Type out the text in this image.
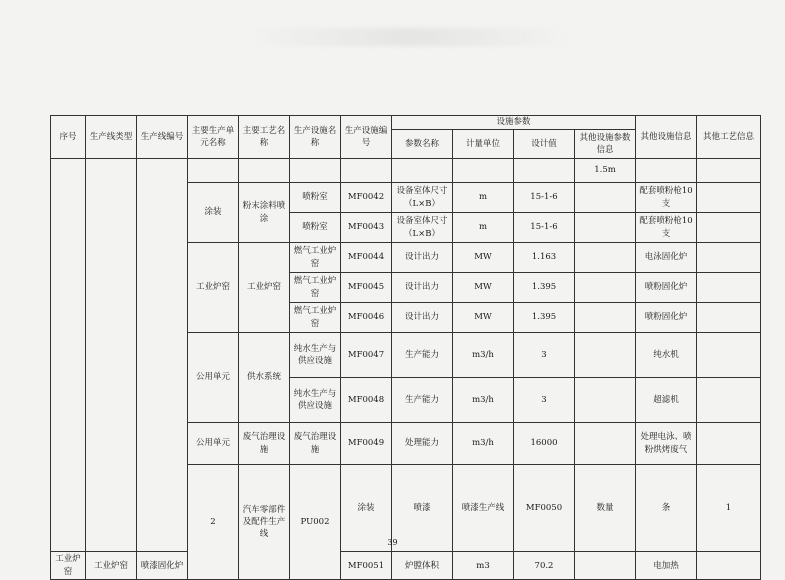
序号	生产线类型	生产线编号	主要生产单元名称	主要工艺名称	生产设施名称	生产设施编号	设施参数				其他设施信息	其他工艺信息	
							参数名称	计量单位	设计值	其他设施参数信息			
										1.5m			
			涂装	粉末涂料喷涂	喷粉室	MF0042	设备室体尺寸（L×B）	m	15-1-6		配套喷粉枪10支		
					喷粉室	MF0043	设备室体尺寸（L×B）	m	15-1-6		配套喷粉枪10支		
			工业炉窑	工业炉窑	燃气工业炉窑	MF0044	设计出力	MW	1.163		电泳固化炉		
					燃气工业炉窑	MF0045	设计出力	MW	1.395		喷粉固化炉		
					燃气工业炉窑	MF0046	设计出力	MW	1.395		喷粉固化炉		
			公用单元	供水系统	纯水生产与供应设施	MF0047	生产能力	m3/h	3		纯水机		
					纯水生产与供应设施	MF0048	生产能力	m3/h	3		超滤机		
			公用单元	废气治理设施	废气治理设施	MF0049	处理能力	m3/h	16000		处理电泳、喷粉烘烤废气		
			2	汽车零部件及配件生产线	PU002	涂装	喷漆	喷漆生产线	MF0050	数量	条	1			
工业炉窑	工业炉窑	喷漆固化炉				MF0051	炉膛体积	m3	70.2		电加热		
39
